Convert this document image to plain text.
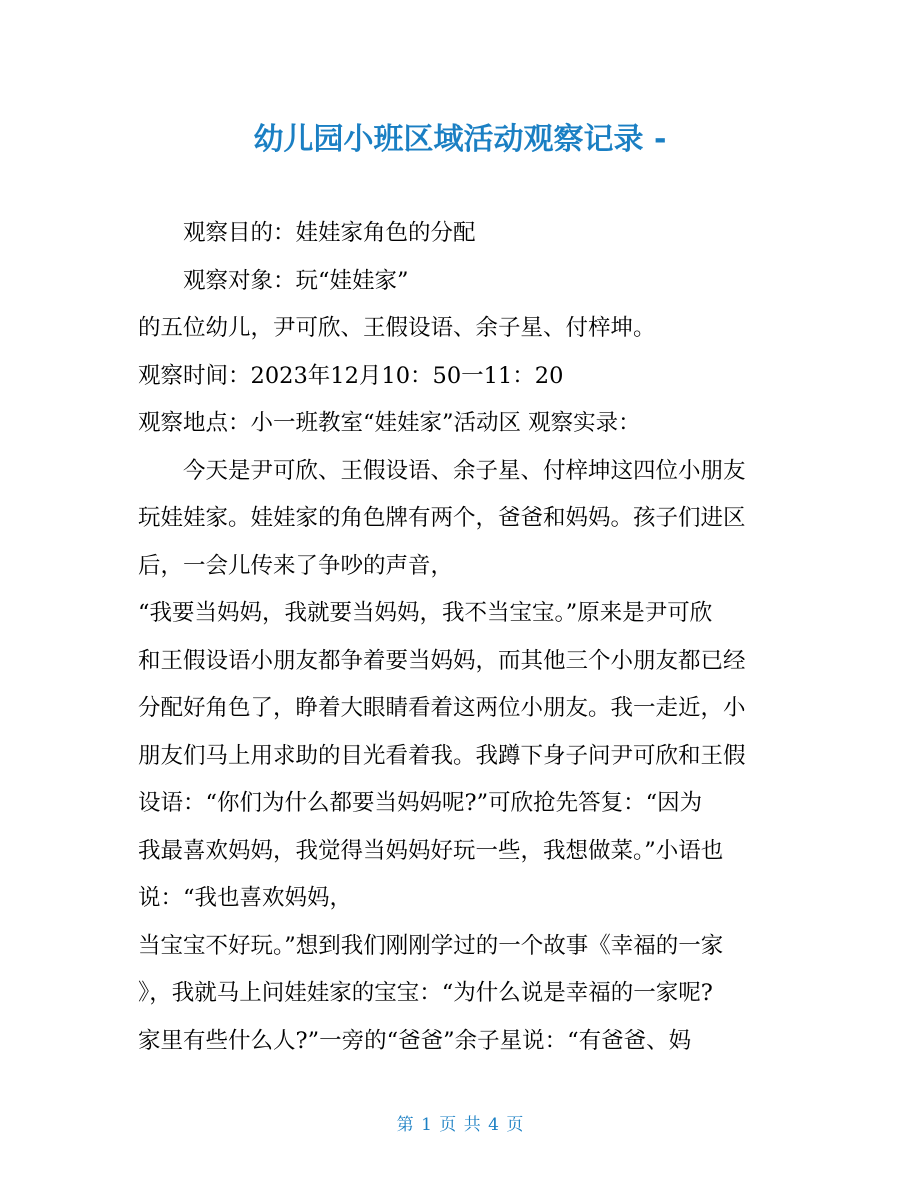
幼儿园小班区域活动观察记录 -

观察目的：娃娃家角色的分配

观察对象：玩“娃娃家”

的五位幼儿，尹可欣、王假设语、余子星、付梓坤。

观察时间：2023年12月10：50一11：20

观察地点：小一班教室“娃娃家”活动区 观察实录：

今天是尹可欣、王假设语、余子星、付梓坤这四位小朋友

玩娃娃家。娃娃家的角色牌有两个，爸爸和妈妈。孩子们进区

后，一会儿传来了争吵的声音，

“我要当妈妈，我就要当妈妈，我不当宝宝。”原来是尹可欣

和王假设语小朋友都争着要当妈妈，而其他三个小朋友都已经

分配好角色了，睁着大眼睛看着这两位小朋友。我一走近，小

朋友们马上用求助的目光看着我。我蹲下身子问尹可欣和王假

设语：“你们为什么都要当妈妈呢?”可欣抢先答复：“因为

我最喜欢妈妈，我觉得当妈妈好玩一些，我想做菜。”小语也

说：“我也喜欢妈妈，

当宝宝不好玩。”想到我们刚刚学过的一个故事《幸福的一家

》，我就马上问娃娃家的宝宝：“为什么说是幸福的一家呢?

家里有些什么人?”一旁的“爸爸”余子星说：“有爸爸、妈

第 1 页 共 4 页
